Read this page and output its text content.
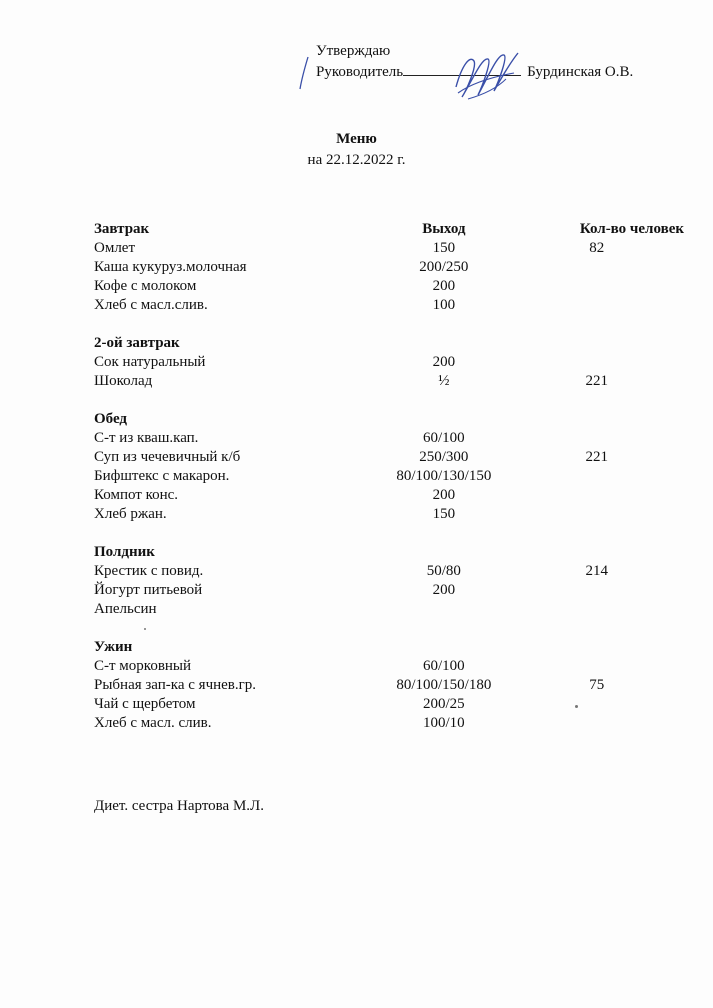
Утверждаю
Руководитель	Бурдинская О.В.
Меню
на 22.12.2022 г.
Завтрак	Выход	Кол-во человек
Омлет	150	82
Каша кукуруз.молочная	200/250	
Кофе с молоком	200	
Хлеб с масл.слив.	100	

2-ой завтрак		
Сок натуральный	200	
Шоколад	½	221

Обед		
С-т из кваш.кап.	60/100	
Суп из чечевичный к/б	250/300	221
Бифштекс с макарон.	80/100/130/150	
Компот конс.	200	
Хлеб ржан.	150	

Полдник		
Крестик с повид.	50/80	214
Йогурт питьевой	200	
Апельсин		

Ужин		
С-т морковный	60/100	
Рыбная зап-ка с ячнев.гр.	80/100/150/180	75
Чай с щербетом	200/25	
Хлеб с масл. слив.	100/10	
Диет. сестра Нартова М.Л.
